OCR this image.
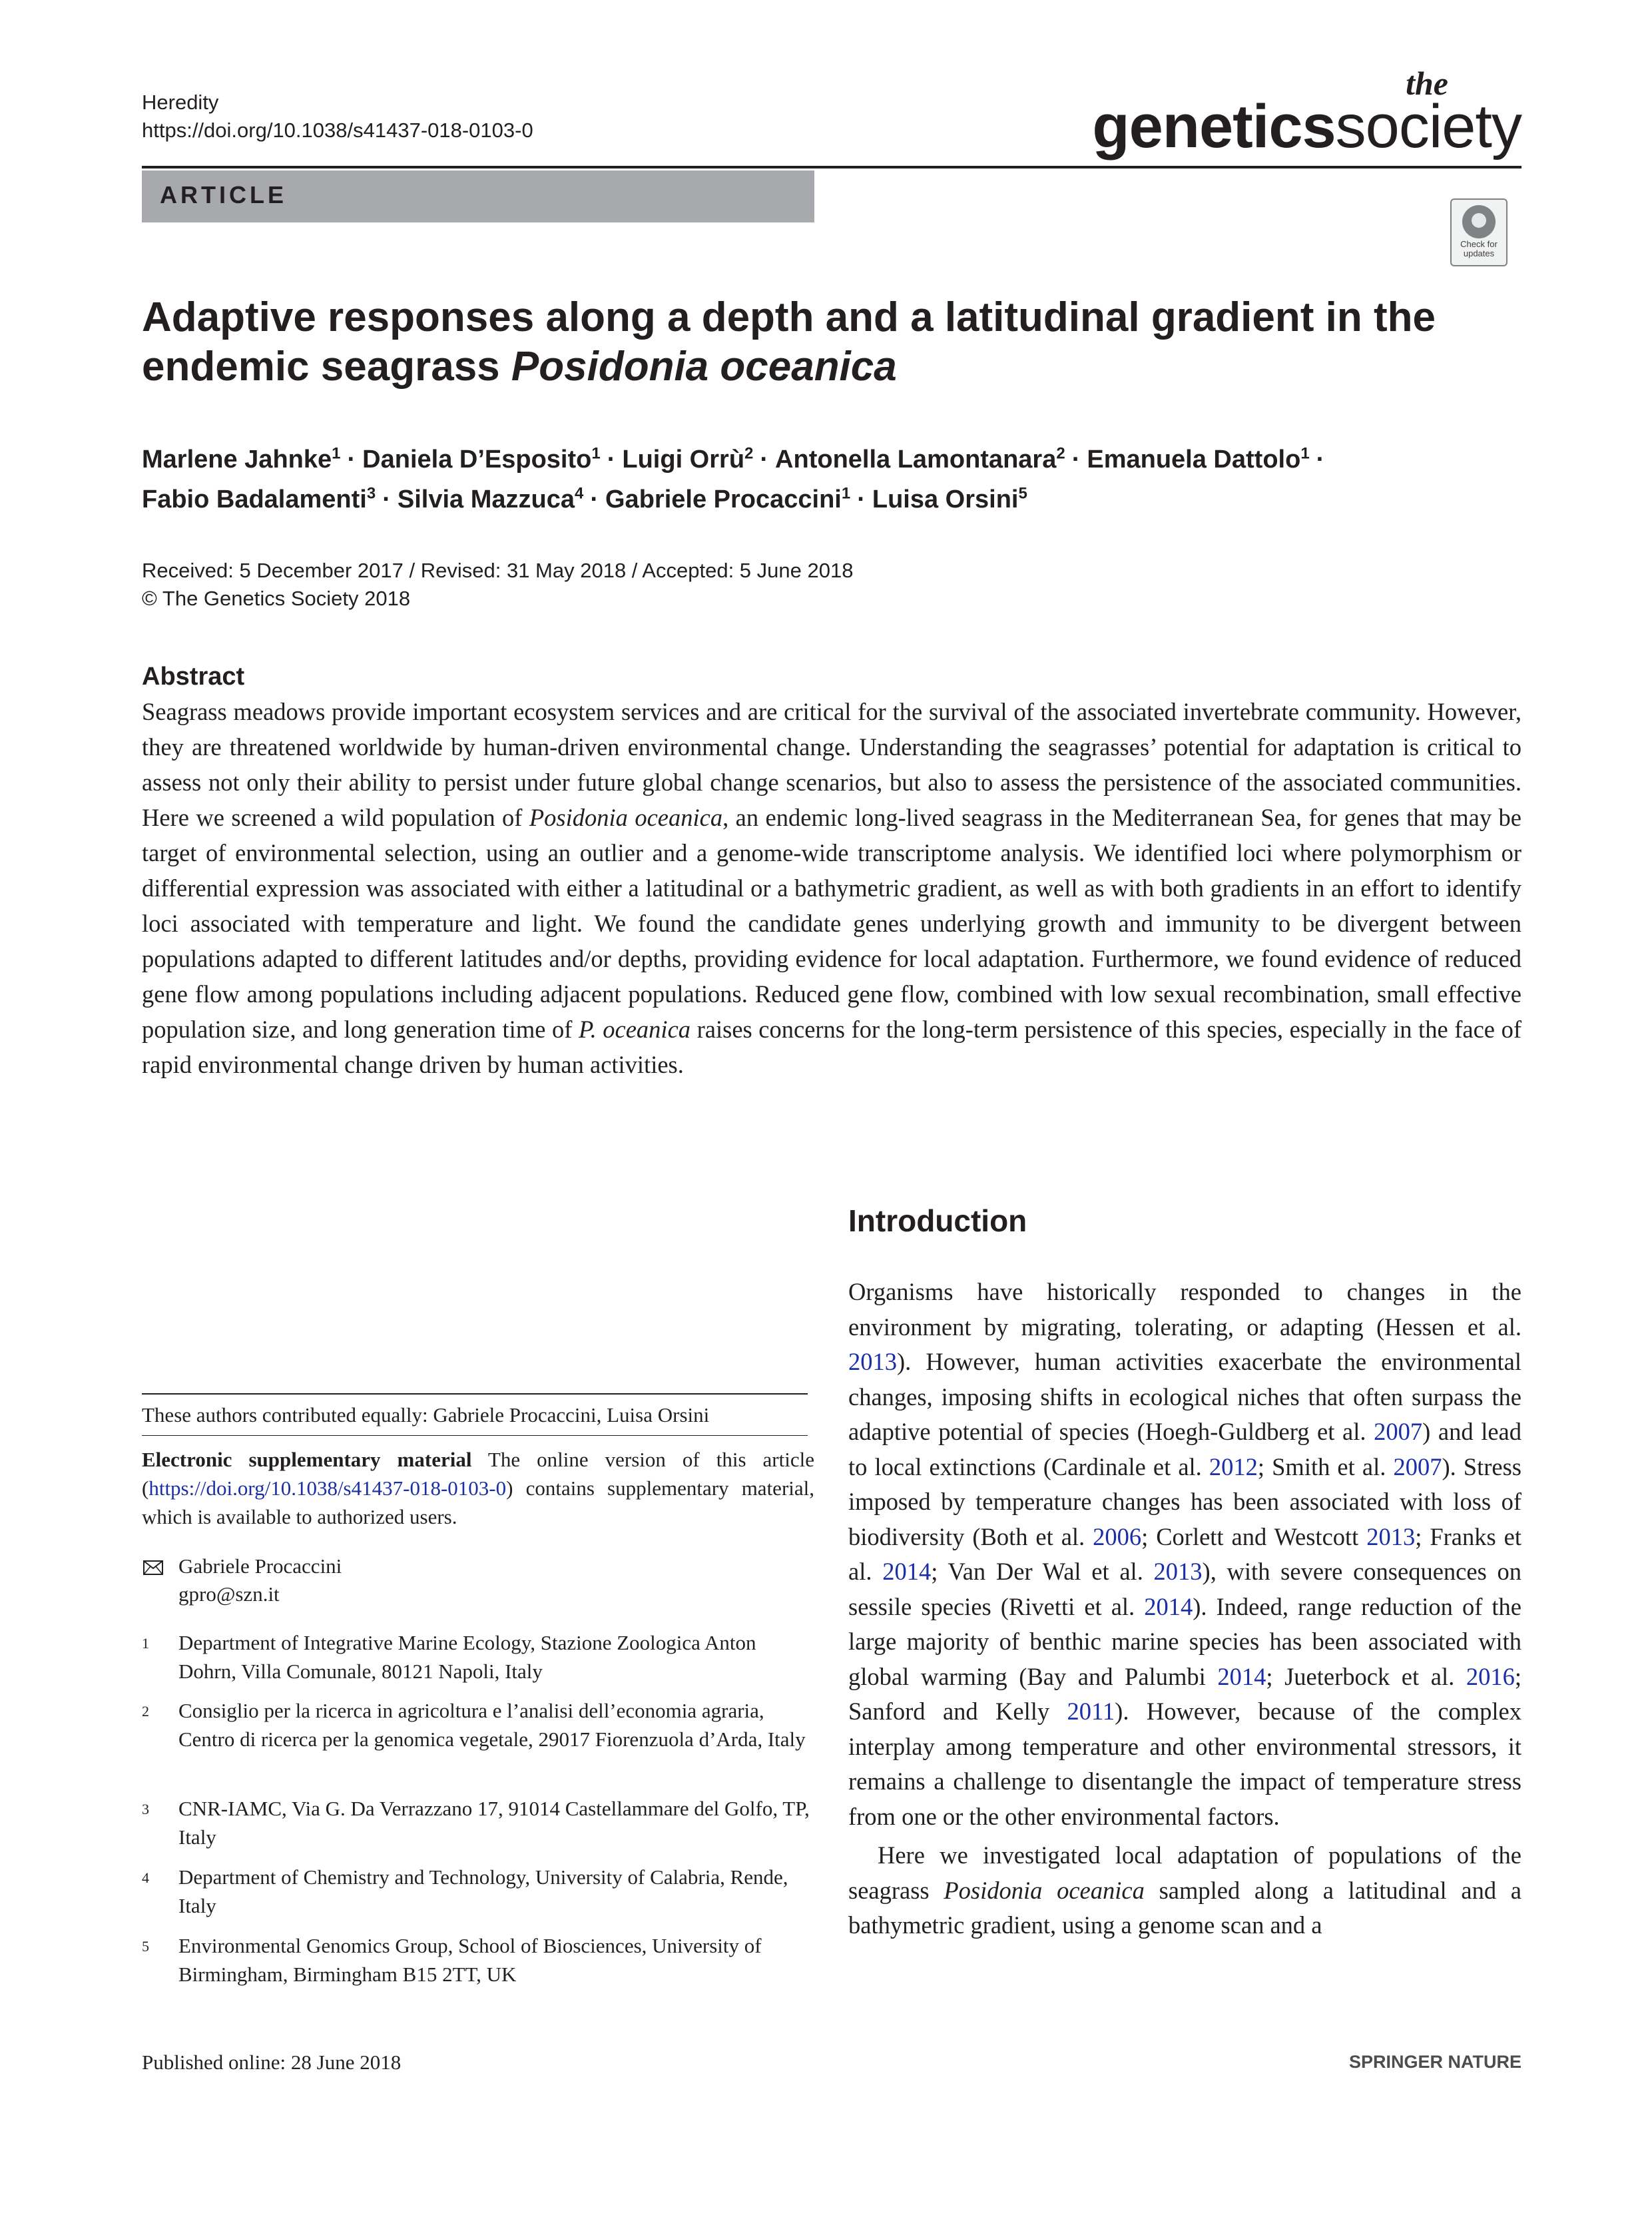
Heredity
https://doi.org/10.1038/s41437-018-0103-0
the
geneticssociety
ARTICLE
Check for updates
Adaptive responses along a depth and a latitudinal gradient in the
endemic seagrass Posidonia oceanica
Marlene Jahnke$^1$ · Daniela D’Esposito$^1$ · Luigi Orrù$^2$ · Antonella Lamontanara$^2$ · Emanuela Dattolo$^1$ ·
Fabio Badalamenti$^3$ · Silvia Mazzuca$^4$ · Gabriele Procaccini$^1$ · Luisa Orsini$^5$
Received: 5 December 2017 / Revised: 31 May 2018 / Accepted: 5 June 2018
© The Genetics Society 2018
Abstract
Seagrass meadows provide important ecosystem services and are critical for the survival of the associated invertebrate community. However, they are threatened worldwide by human-driven environmental change. Understanding the seagrasses’ potential for adaptation is critical to assess not only their ability to persist under future global change scenarios, but also to assess the persistence of the associated communities. Here we screened a wild population of Posidonia oceanica, an endemic long-lived seagrass in the Mediterranean Sea, for genes that may be target of environmental selection, using an outlier and a genome-wide transcriptome analysis. We identified loci where polymorphism or differential expression was associated with either a latitudinal or a bathymetric gradient, as well as with both gradients in an effort to identify loci associated with temperature and light. We found the candidate genes underlying growth and immunity to be divergent between populations adapted to different latitudes and/or depths, providing evidence for local adaptation. Furthermore, we found evidence of reduced gene flow among populations including adjacent populations. Reduced gene flow, combined with low sexual recombination, small effective population size, and long generation time of P. oceanica raises concerns for the long-term persistence of this species, especially in the face of rapid environmental change driven by human activities.
Introduction

Organisms have historically responded to changes in the environment by migrating, tolerating, or adapting (Hessen et al. 2013). However, human activities exacerbate the environmental changes, imposing shifts in ecological niches that often surpass the adaptive potential of species (Hoegh-Guldberg et al. 2007) and lead to local extinctions (Cardinale et al. 2012; Smith et al. 2007). Stress imposed by temperature changes has been associated with loss of biodiversity (Both et al. 2006; Corlett and Westcott 2013; Franks et al. 2014; Van Der Wal et al. 2013), with severe consequences on sessile species (Rivetti et al. 2014). Indeed, range reduction of the large majority of benthic marine species has been associated with global warming (Bay and Palumbi 2014; Jueterbock et al. 2016; Sanford and Kelly 2011). However, because of the complex interplay among temperature and other environmental stressors, it remains a challenge to disentangle the impact of temperature stress from one or the other environmental factors.

Here we investigated local adaptation of populations of the seagrass Posidonia oceanica sampled along a latitudinal and a bathymetric gradient, using a genome scan and a

These authors contributed equally: Gabriele Procaccini, Luisa Orsini
Electronic supplementary material The online version of this article (https://doi.org/10.1038/s41437-018-0103-0) contains supplementary material, which is available to authorized users.
Gabriele Procaccini
gpro@szn.it
1 Department of Integrative Marine Ecology, Stazione Zoologica Anton Dohrn, Villa Comunale, 80121 Napoli, Italy
2 Consiglio per la ricerca in agricoltura e l’analisi dell’economia agraria, Centro di ricerca per la genomica vegetale, 29017 Fiorenzuola d’Arda, Italy
3 CNR-IAMC, Via G. Da Verrazzano 17, 91014 Castellammare del Golfo, TP, Italy
4 Department of Chemistry and Technology, University of Calabria, Rende, Italy
5 Environmental Genomics Group, School of Biosciences, University of Birmingham, Birmingham B15 2TT, UK
Published online: 28 June 2018	SPRINGER NATURE
